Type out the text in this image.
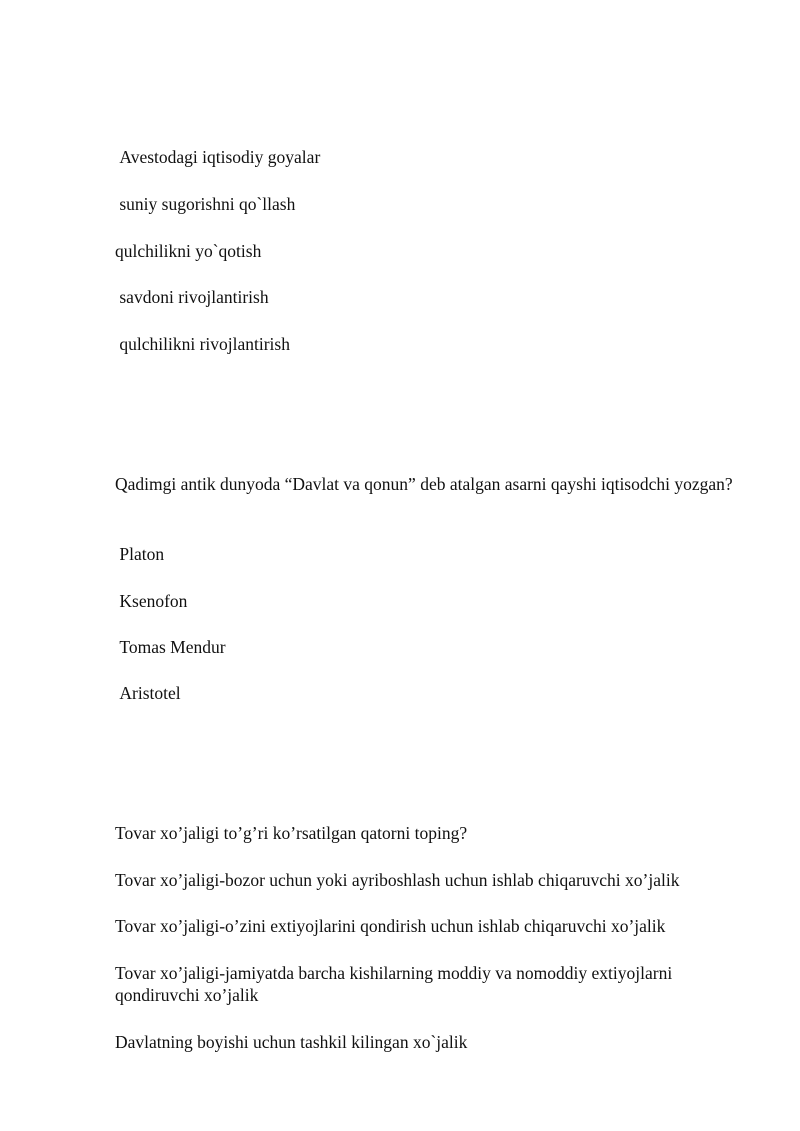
Avestodagi iqtisodiy goyalar
suniy sugorishni qo`llash
qulchilikni yo`qotish
savdoni rivojlantirish
qulchilikni rivojlantirish
Qadimgi antik dunyoda “Davlat va qonun” deb atalgan asarni qayshi iqtisodchi yozgan?
Platon
Ksenofon
Tomas Mendur
Aristotel
Tovar xo’jaligi to’g’ri ko’rsatilgan qatorni toping?
Tovar xo’jaligi-bozor uchun yoki ayriboshlash uchun ishlab chiqaruvchi xo’jalik
Tovar xo’jaligi-o’zini extiyojlarini qondirish uchun ishlab chiqaruvchi xo’jalik
Tovar xo’jaligi-jamiyatda barcha kishilarning moddiy va nomoddiy extiyojlarni qondiruvchi xo’jalik
Davlatning boyishi uchun tashkil kilingan xo`jalik
